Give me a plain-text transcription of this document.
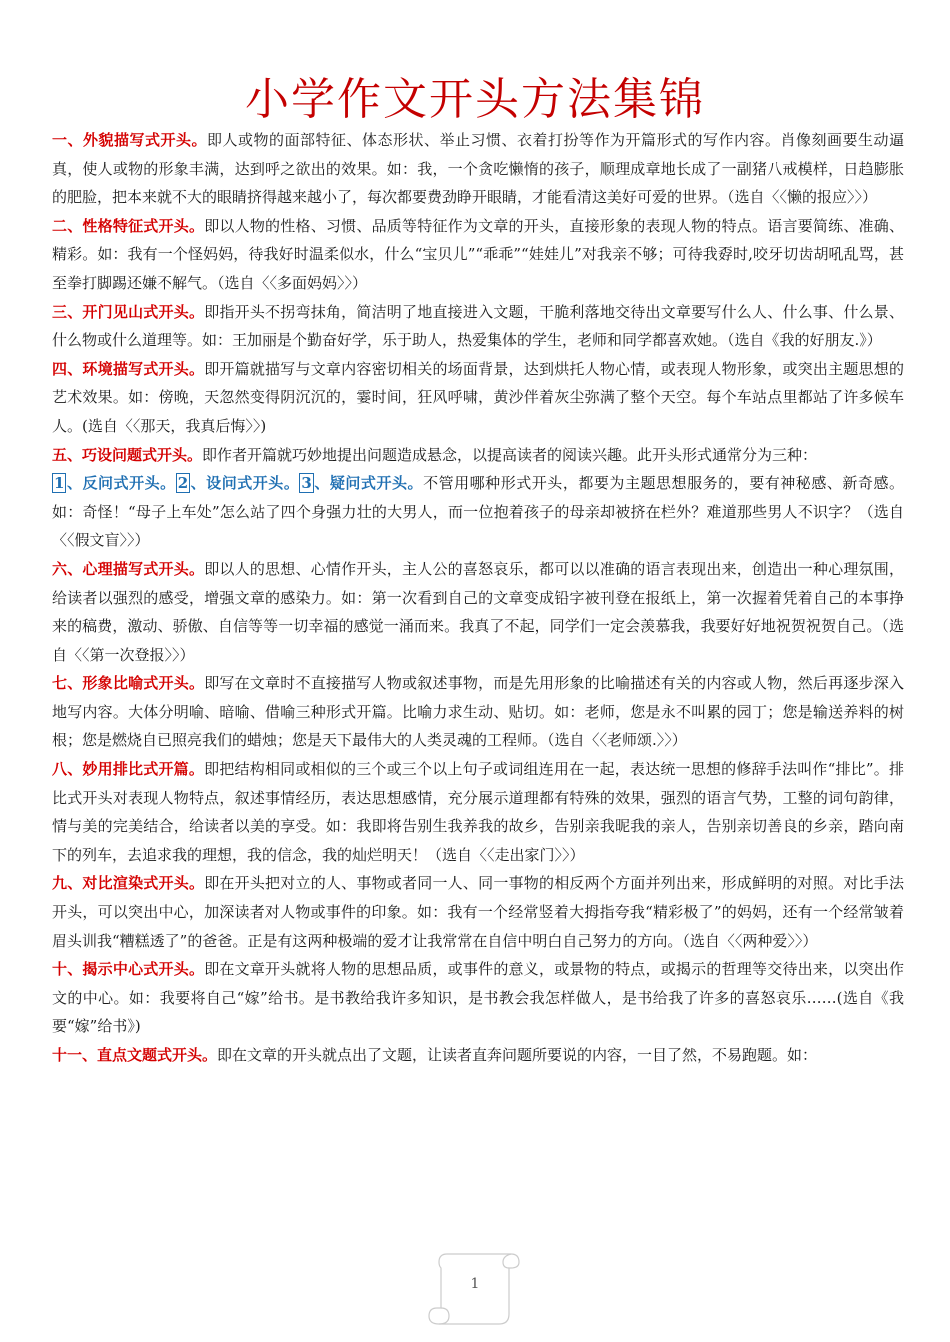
小学作文开头方法集锦

一、外貌描写式开头。即人或物的面部特征、体态形状、举止习惯、衣着打扮等作为开篇形式的写作内容。肖像刻画要生动逼真，使人或物的形象丰满，达到呼之欲出的效果。如：我，一个贪吃懒惰的孩子，顺理成章地长成了一副猪八戒模样，日趋膨胀的肥脸，把本来就不大的眼睛挤得越来越小了，每次都要费劲睁开眼睛，才能看清这美好可爱的世界。（选自〈〈懒的报应〉〉）

二、性格特征式开头。即以人物的性格、习惯、品质等特征作为文章的开头，直接形象的表现人物的特点。语言要简练、准确、精彩。如：我有一个怪妈妈，待我好时温柔似水，什么“宝贝儿”“乖乖”“娃娃儿”对我亲不够；可待我孬时,咬牙切齿胡吼乱骂，甚至拳打脚踢还嫌不解气。（选自〈〈多面妈妈〉〉）

三、开门见山式开头。即指开头不拐弯抹角，简洁明了地直接进入文题，干脆利落地交待出文章要写什么人、什么事、什么景、什么物或什么道理等。如：王加丽是个勤奋好学，乐于助人，热爱集体的学生，老师和同学都喜欢她。（选自《我的好朋友.》）

四、环境描写式开头。即开篇就描写与文章内容密切相关的场面背景，达到烘托人物心情，或表现人物形象，或突出主题思想的艺术效果。如：傍晚，天忽然变得阴沉沉的，霎时间，狂风呼啸，黄沙伴着灰尘弥满了整个天空。每个车站点里都站了许多候车人。(选自〈〈那天，我真后悔〉〉)

五、巧设问题式开头。即作者开篇就巧妙地提出问题造成悬念，以提高读者的阅读兴趣。此开头形式通常分为三种：

1 、反问式开头。 2 、设问式开头。 3 、疑问式开头。不管用哪种形式开头，都要为主题思想服务的，要有神秘感、新奇感。如：奇怪！“母子上车处”怎么站了四个身强力壮的大男人，而一位抱着孩子的母亲却被挤在栏外？难道那些男人不识字？（选自〈〈假文盲〉〉）

六、心理描写式开头。即以人的思想、心情作开头，主人公的喜怒哀乐，都可以以准确的语言表现出来，创造出一种心理氛围，给读者以强烈的感受，增强文章的感染力。如：第一次看到自己的文章变成铅字被刊登在报纸上，第一次握着凭着自己的本事挣来的稿费，激动、骄傲、自信等等一切幸福的感觉一涌而来。我真了不起，同学们一定会羡慕我，我要好好地祝贺祝贺自己。（选自〈〈第一次登报〉〉）

七、形象比喻式开头。即写在文章时不直接描写人物或叙述事物，而是先用形象的比喻描述有关的内容或人物，然后再逐步深入地写内容。大体分明喻、暗喻、借喻三种形式开篇。比喻力求生动、贴切。如：老师，您是永不叫累的园丁；您是输送养料的树根；您是燃烧自已照亮我们的蜡烛；您是天下最伟大的人类灵魂的工程师。（选自〈〈老师颂.〉〉）

八、妙用排比式开篇。即把结构相同或相似的三个或三个以上句子或词组连用在一起，表达统一思想的修辞手法叫作“排比”。排比式开头对表现人物特点，叙述事情经历，表达思想感情，充分展示道理都有特殊的效果，强烈的语言气势，工整的词句韵律，情与美的完美结合，给读者以美的享受。如：我即将告别生我养我的故乡，告别亲我昵我的亲人，告别亲切善良的乡亲，踏向南下的列车，去追求我的理想，我的信念，我的灿烂明天！（选自〈〈走出家门〉〉）

九、对比渲染式开头。即在开头把对立的人、事物或者同一人、同一事物的相反两个方面并列出来，形成鲜明的对照。对比手法开头，可以突出中心，加深读者对人物或事件的印象。如：我有一个经常竖着大拇指夸我“精彩极了”的妈妈，还有一个经常皱着眉头训我“糟糕透了”的爸爸。正是有这两种极端的爱才让我常常在自信中明白自己努力的方向。（选自〈〈两种爱〉〉）

十、揭示中心式开头。即在文章开头就将人物的思想品质，或事件的意义，或景物的特点，或揭示的哲理等交待出来，以突出作文的中心。如：我要将自己“嫁”给书。是书教给我许多知识，是书教会我怎样做人，是书给我了许多的喜怒哀乐……(选自《我要“嫁”给书》)

十一、直点文题式开头。即在文章的开头就点出了文题，让读者直奔问题所要说的内容，一目了然，不易跑题。如：

1
